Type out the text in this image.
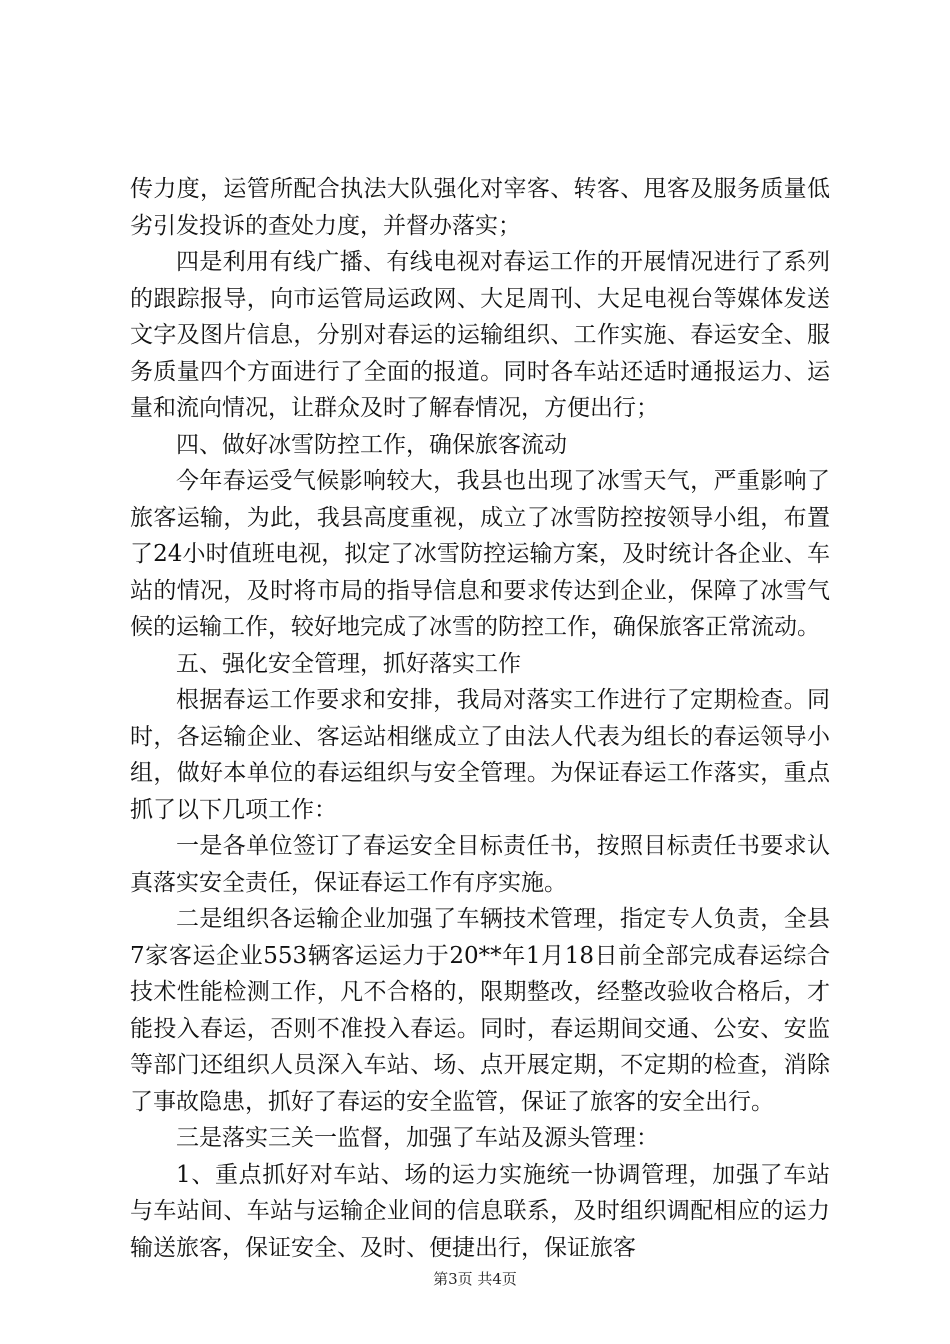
传力度，运管所配合执法大队强化对宰客、转客、甩客及服务质量低劣引发投诉的查处力度，并督办落实；

四是利用有线广播、有线电视对春运工作的开展情况进行了系列的跟踪报导，向市运管局运政网、大足周刊、大足电视台等媒体发送文字及图片信息，分别对春运的运输组织、工作实施、春运安全、服务质量四个方面进行了全面的报道。同时各车站还适时通报运力、运量和流向情况，让群众及时了解春情况，方便出行；

四、做好冰雪防控工作，确保旅客流动

今年春运受气候影响较大，我县也出现了冰雪天气，严重影响了旅客运输，为此，我县高度重视，成立了冰雪防控按领导小组，布置了24小时值班电视，拟定了冰雪防控运输方案，及时统计各企业、车站的情况，及时将市局的指导信息和要求传达到企业，保障了冰雪气候的运输工作，较好地完成了冰雪的防控工作，确保旅客正常流动。

五、强化安全管理，抓好落实工作

根据春运工作要求和安排，我局对落实工作进行了定期检查。同时，各运输企业、客运站相继成立了由法人代表为组长的春运领导小组，做好本单位的春运组织与安全管理。为保证春运工作落实，重点抓了以下几项工作：

一是各单位签订了春运安全目标责任书，按照目标责任书要求认真落实安全责任，保证春运工作有序实施。

二是组织各运输企业加强了车辆技术管理，指定专人负责，全县7家客运企业553辆客运运力于20**年1月18日前全部完成春运综合技术性能检测工作，凡不合格的，限期整改，经整改验收合格后，才能投入春运，否则不准投入春运。同时，春运期间交通、公安、安监等部门还组织人员深入车站、场、点开展定期，不定期的检查，消除了事故隐患，抓好了春运的安全监管，保证了旅客的安全出行。

三是落实三关一监督，加强了车站及源头管理：

1、重点抓好对车站、场的运力实施统一协调管理，加强了车站与车站间、车站与运输企业间的信息联系，及时组织调配相应的运力输送旅客，保证安全、及时、便捷出行，保证旅客

第3页 共4页
